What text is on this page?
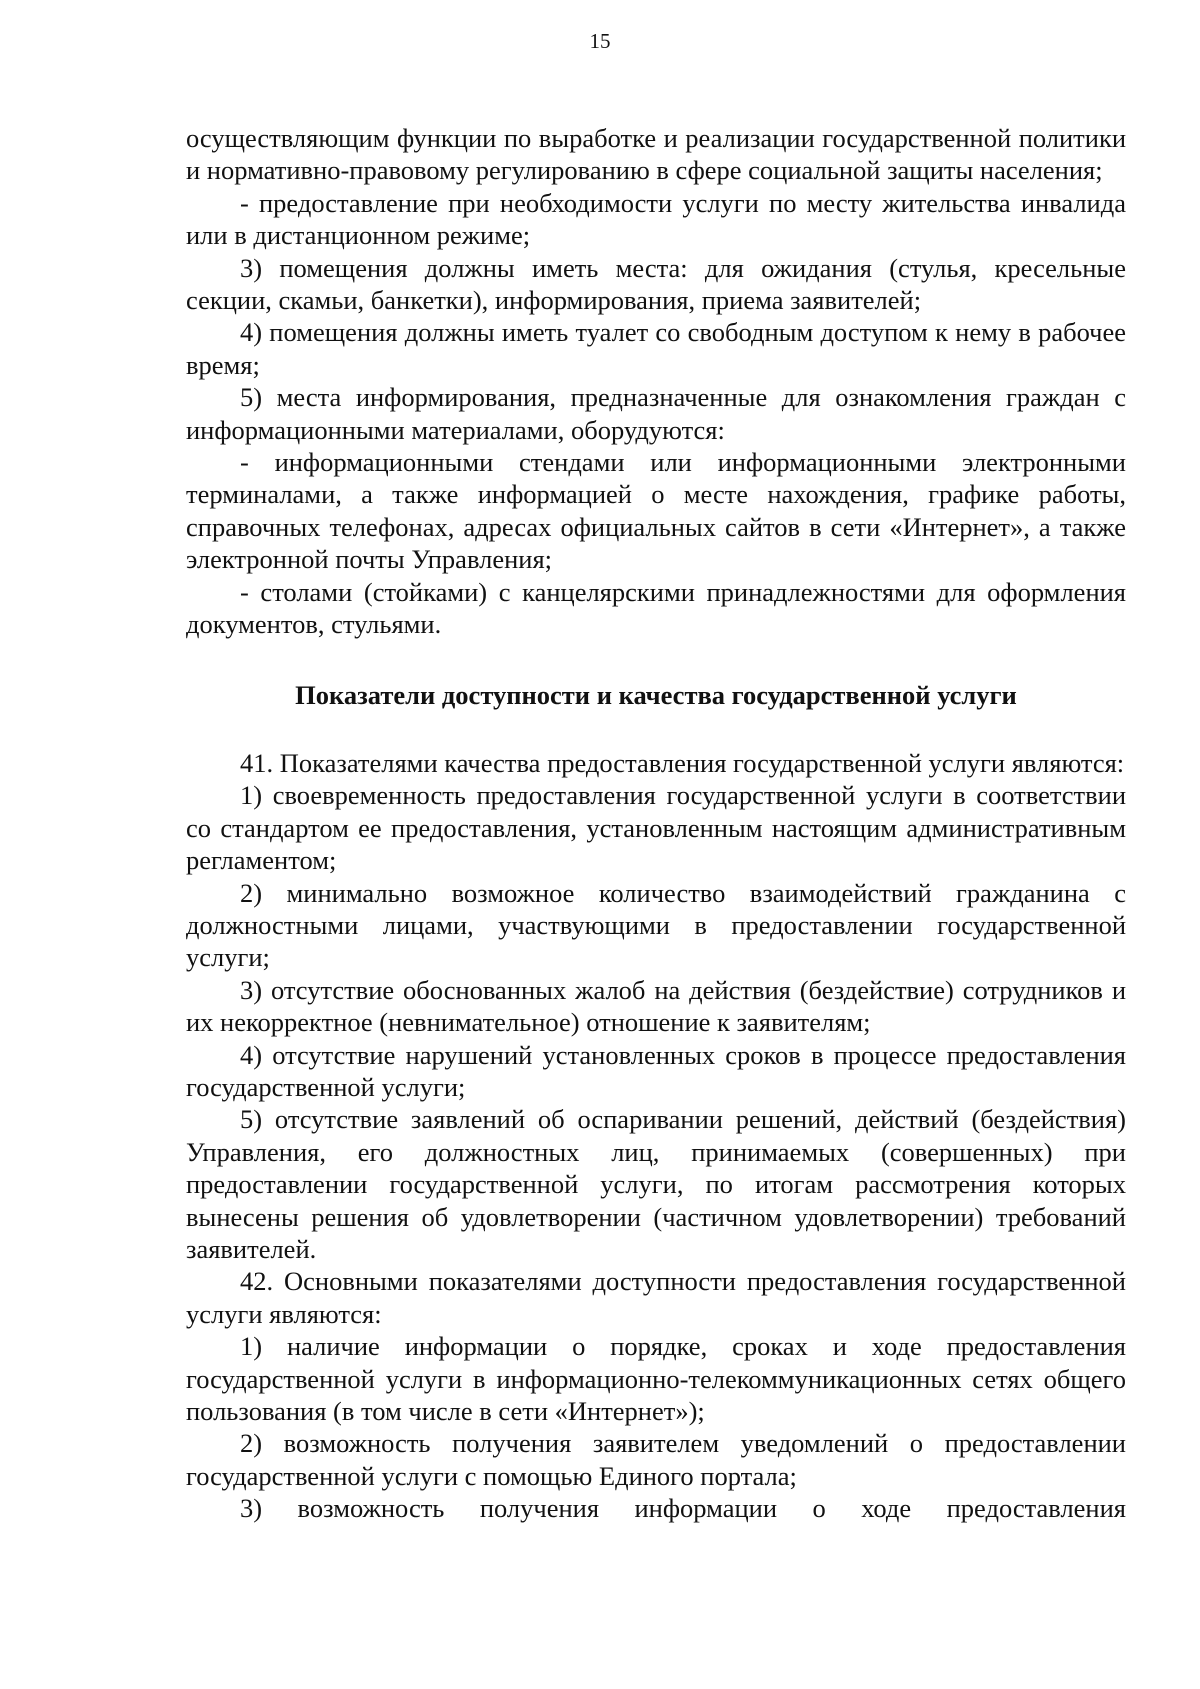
15

осуществляющим функции по выработке и реализации государственной политики и нормативно-правовому регулированию в сфере социальной защиты населения;

- предоставление при необходимости услуги по месту жительства инвалида или в дистанционном режиме;

3) помещения должны иметь места: для ожидания (стулья, кресельные секции, скамьи, банкетки), информирования, приема заявителей;

4) помещения должны иметь туалет со свободным доступом к нему в рабочее время;

5) места информирования, предназначенные для ознакомления граждан с информационными материалами, оборудуются:

- информационными стендами или информационными электронными терминалами, а также информацией о месте нахождения, графике работы, справочных телефонах, адресах официальных сайтов в сети «Интернет», а также электронной почты Управления;

- столами (стойками) с канцелярскими принадлежностями для оформления документов, стульями.

Показатели доступности и качества государственной услуги

41. Показателями качества предоставления государственной услуги являются:

1) своевременность предоставления государственной услуги в соответствии со стандартом ее предоставления, установленным настоящим административным регламентом;

2) минимально возможное количество взаимодействий гражданина с должностными лицами, участвующими в предоставлении государственной услуги;

3) отсутствие обоснованных жалоб на действия (бездействие) сотрудников и их некорректное (невнимательное) отношение к заявителям;

4) отсутствие нарушений установленных сроков в процессе предоставления государственной услуги;

5) отсутствие заявлений об оспаривании решений, действий (бездействия) Управления, его должностных лиц, принимаемых (совершенных) при предоставлении государственной услуги, по итогам рассмотрения которых вынесены решения об удовлетворении (частичном удовлетворении) требований заявителей.

42. Основными показателями доступности предоставления государственной услуги являются:

1) наличие информации о порядке, сроках и ходе предоставления государственной услуги в информационно-телекоммуникационных сетях общего пользования (в том числе в сети «Интернет»);

2) возможность получения заявителем уведомлений о предоставлении государственной услуги с помощью Единого портала;

3) возможность получения информации о ходе предоставления
